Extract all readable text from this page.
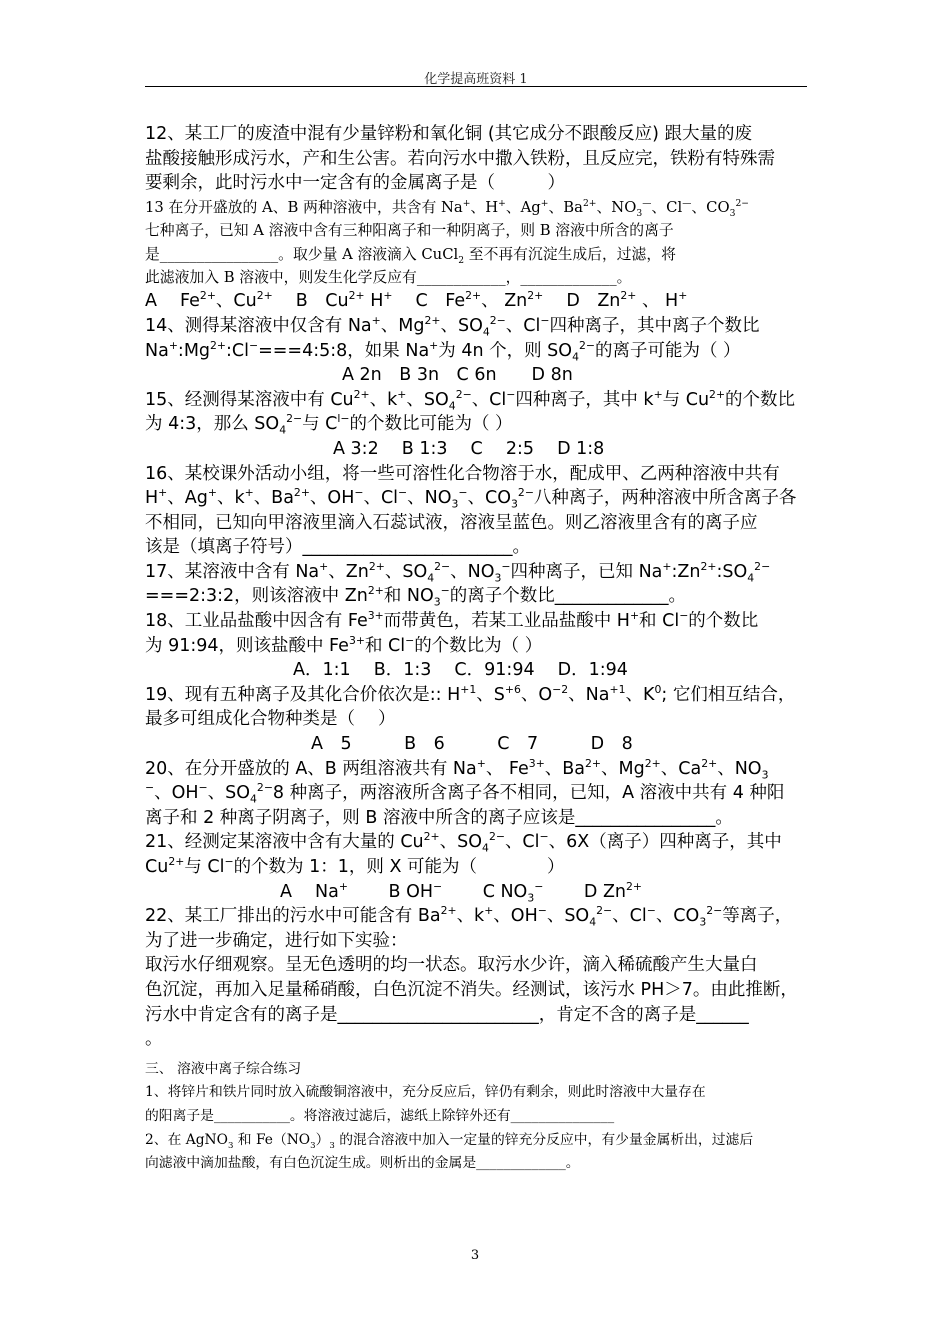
化学提高班资料 1
12、某工厂的废渣中混有少量锌粉和氧化铜 (其它成分不跟酸反应) 跟大量的废
盐酸接触形成污水，产和生公害。若向污水中撒入铁粉，且反应完，铁粉有特殊需
要剩余，此时污水中一定含有的金属离子是（　　　）
13 在分开盛放的 A、B 两种溶液中，共含有 Na+、H+、Ag+、$Ba^{2+}$、$NO_3^—$、Cl—、$CO_3^{2-}$
七种离子，已知 A 溶液中含有三种阳离子和一种阴离子，则 B 溶液中所含的离子
是________________。取少量 A 溶液滴入 CuCl$_2$ 至不再有沉淀生成后，过滤，将
此滤液加入 B 溶液中，则发生化学反应有____________，_____________。
A　 $Fe^{2+}$、$Cu^{2+}$　 B　$Cu^{2+}$ H+　 C　$Fe^{2+}$、 $Zn^{2+}$　 D　$Zn^{2+}$ 、 H+
14、测得某溶液中仅含有 Na+、$Mg^{2+}$、$SO_4^{2-}$、Cl−四种离子，其中离子个数比
$Na^+:Mg^{2+}:Cl^-===4:5:8$，如果 Na+为 4n 个，则 $SO_4^{2-}$的离子可能为（ ）
A 2n　B 3n　C 6n　　D 8n
15、经测得某溶液中有 $Cu^{2+}$、k+、$SO_4^{2-}$、Cl−四种离子，其中 k+与 $Cu^{2+}$的个数比
为 4:3，那么 $SO_4^{2-}$与 $C^{l-}$的个数比可能为（ ）
A 3:2　 B 1:3　 C　 2:5　 D 1:8
16、某校课外活动小组，将一些可溶性化合物溶于水，配成甲、乙两种溶液中共有
H+、Ag+、k+、$Ba^{2+}$、OH−、Cl−、$NO_3^-$、$CO_3^{2-}$八种离子，两种溶液中所含离子各
不相同，已知向甲溶液里滴入石蕊试液，溶液呈蓝色。则乙溶液里含有的离子应
该是（填离子符号）________________________。
17、某溶液中含有 Na+、$Zn^{2+}$、$SO_4^{2-}$、$NO_3^-$四种离子，已知 $Na^+:Zn^{2+}:SO_4^{2-}$
===2:3:2，则该溶液中 $Zn^{2+}$和 $NO_3^-$的离子个数比_____________。
18、工业品盐酸中因含有 $Fe^{3+}$而带黄色，若某工业品盐酸中 H+和 Cl−的个数比
为 91:94，则该盐酸中 $Fe^{3+}$和 Cl−的个数比为（ ）
A．1:1　 B．1:3　 C．91:94　 D．1:94
19、现有五种离子及其化合价依次是:: $H^{+1}$、$S^{+6}$、$O^{-2}$、$Na^{+1}$、$K^0$; 它们相互结合，
最多可组成化合物种类是（　 ）
A　5　　　B　6　　　C　7　　　D　8
20、在分开盛放的 A、B 两组溶液共有 Na+、 $Fe^{3+}$、$Ba^{2+}$、$Mg^{2+}$、$Ca^{2+}$、$NO_3$
−、OH−、$SO_4^{2-}8$ 种离子，两溶液所含离子各不相同，已知，A 溶液中共有 4 种阳
离子和 2 种离子阴离子，则 B 溶液中所含的离子应该是________________。
21、经测定某溶液中含有大量的 $Cu^{2+}$、$SO_4^{2-}$、Cl−、6X（离子）四种离子，其中
$Cu^{2+}$与 Cl−的个数为 1：1，则 X 可能为（　　　　）
A　 Na+　　 B OH−　　 C $NO_3^-$　　 D $Zn^{2+}$
22、某工厂排出的污水中可能含有 $Ba^{2+}$、k+、OH−、$SO_4^{2-}$、Cl−、$CO_3^{2-}$等离子，
为了进一步确定，进行如下实验：
取污水仔细观察。呈无色透明的均一状态。取污水少许，滴入稀硫酸产生大量白
色沉淀，再加入足量稀硝酸，白色沉淀不消失。经测试，该污水 PH＞7。由此推断，
污水中肯定含有的离子是_______________________，肯定不含的离子是______
。
三、 溶液中离子综合练习
1、将锌片和铁片同时放入硫酸铜溶液中，充分反应后，锌仍有剩余，则此时溶液中大量存在
的阳离子是___________。将溶液过滤后，滤纸上除锌外还有_______________
2、在 AgNO$_3$ 和 $Fe(NO_3)_3$ 的混合溶液中加入一定量的锌充分反应中，有少量金属析出，过滤后
向滤液中滴加盐酸，有白色沉淀生成。则析出的金属是_____________。
3
